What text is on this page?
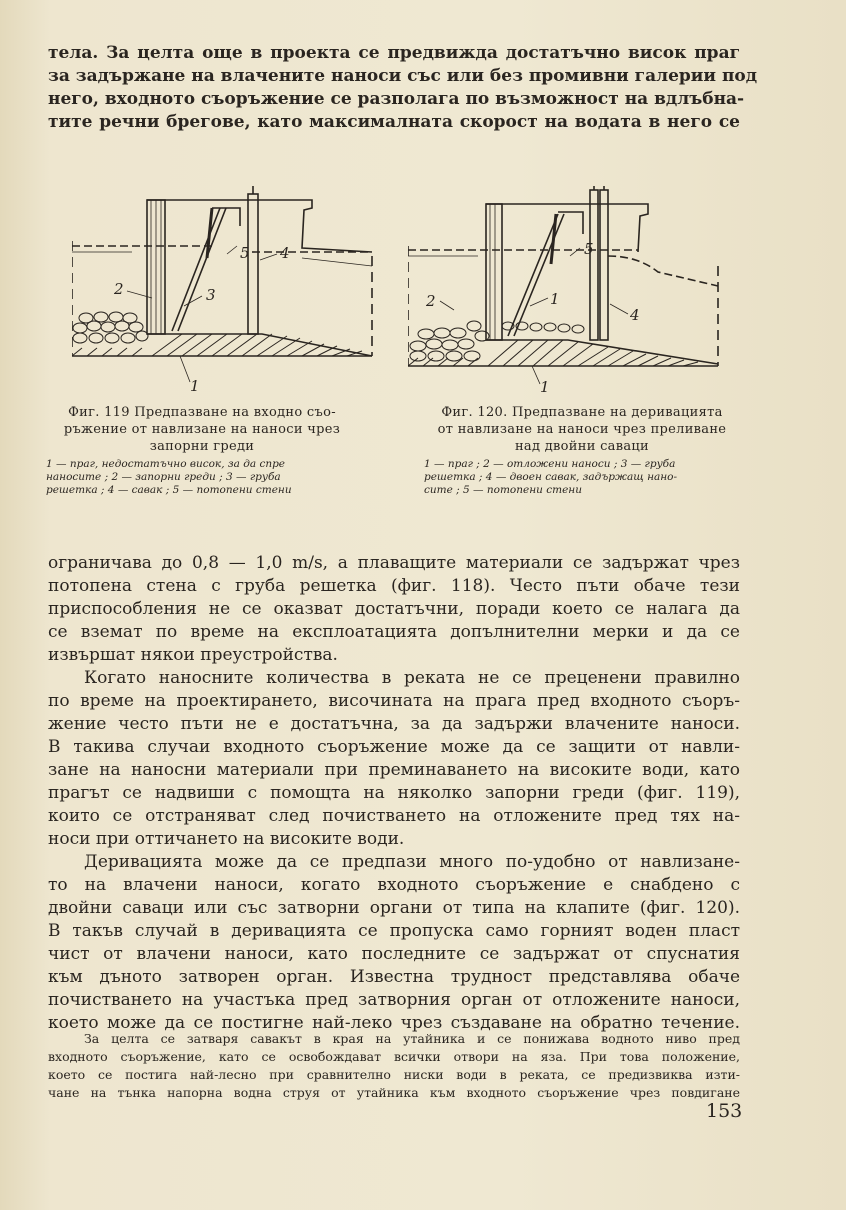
тела. За целта още в проекта се предвижда достатъчно висок праг
за задържане на влачените наноси със или без промивни галерии под
него, входното съоръжение се разполага по възможност на вдлъбна-
тите речни брегове, като максималната скорост на водата в него се

5 4
2	3
1
5
2	1
4
1
Фиг. 119 Предпазване на входно съо-
ръжение от навлизане на наноси чрез
запорни греди
1 — праг, недостатъчно висок, за да спре
наносите ; 2 — запорни греди ; 3 — груба
решетка ; 4 — савак ; 5 — потопени стени
Фиг. 120. Предпазване на деривацията
от навлизане на наноси чрез преливане
над двойни саваци
1 — праг ; 2 — отложени наноси ; 3 — груба
решетка ; 4 — двоен савак, задържащ нано-
сите ; 5 — потопени стени

ограничава до 0,8 — 1,0 m/s, а плаващите материали се задържат чрез
потопена стена с груба решетка (фиг. 118). Често пъти обаче тези
приспособления не се оказват достатъчни, поради което се налага да
се вземат по време на експлоатацията допълнителни мерки и да се
извършат някои преустройства.

Когато наносните количества в реката не се преценени правилно
по време на проектирането, височината на прага пред входното съоръ-
жение често пъти не е достатъчна, за да задържи влачените наноси.
В такива случаи входното съоръжение може да се защити от навли-
зане на наносни материали при преминаването на високите води, като
прагът се надвиши с помощта на няколко запорни греди (фиг. 119),
които се отстраняват след почистването на отложените пред тях на-
носи при оттичането на високите води.

Деривацията може да се предпази много по-удобно от навлизане-
то на влачени наноси, когато входното съоръжение е снабдено с
двойни саваци или със затворни органи от типа на клапите (фиг. 120).
В такъв случай в деривацията се пропуска само горният воден пласт
чист от влачени наноси, като последните се задържат от спуснатия
към дъното затворен орган. Известна трудност представлява обаче
почистването на участъка пред затворния орган от отложените наноси,
което може да се постигне най-леко чрез създаване на обратно течение.

За целта се затваря савакът в края на утайника и се понижава водното ниво пред
входното съоръжение, като се освобождават всички отвори на яза. При това положение,
което се постига най-лесно при сравнително ниски води в реката, се предизвиква изти-
чане на тънка напорна водна струя от утайника към входното съоръжение чрез повдигане

153
